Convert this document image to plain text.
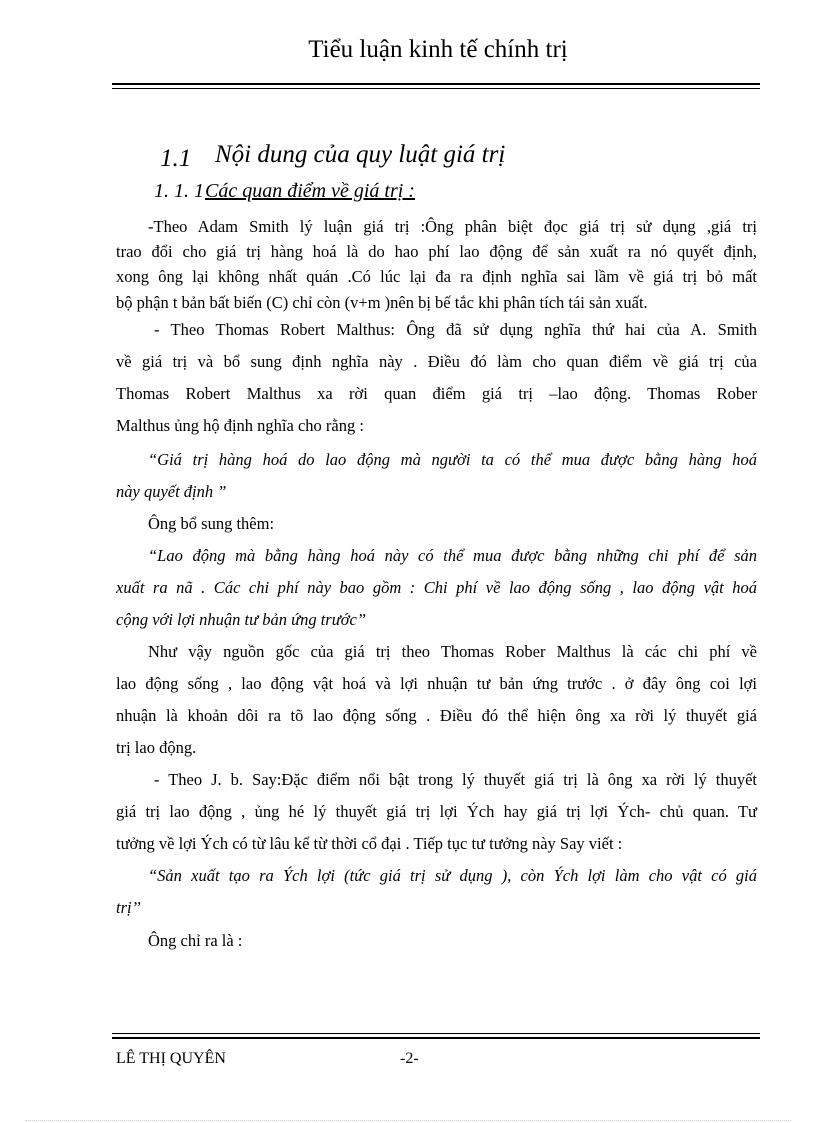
Tiểu luận kinh tế chính trị
1.1 Nội dung của quy luật giá trị
1. 1. 1 Các quan điểm về giá trị :
-Theo Adam Smith lý luận giá trị :Ông phân biệt đọc giá trị sử dụng ,giá trị
trao đổi cho giá trị hàng hoá là do hao phí lao động để sản xuất ra nó quyết định,
xong ông lại không nhất quán .Có lúc lại đa ra định nghĩa sai lầm về giá trị bỏ mất
bộ phận t bản bất biến (C) chỉ còn (v+m )nên bị bế tắc khi phân tích tái sản xuất.
- Theo Thomas Robert Malthus: Ông đã sử dụng nghĩa thứ hai của A. Smith
về giá trị và bổ sung định nghĩa này . Điều đó làm cho quan điểm về giá trị của
Thomas Robert Malthus xa rời quan điểm giá trị –lao động. Thomas Rober
Malthus ủng hộ định nghĩa cho rằng :
“Giá trị hàng hoá do lao động mà người ta có thể mua được bằng hàng hoá
này quyết định ”
Ông bổ sung thêm:
“Lao động mà bằng hàng hoá này có thể mua được bằng những chi phí để sản
xuất ra nã . Các chi phí này bao gồm : Chi phí về lao động sống , lao động vật hoá
cộng với lợi nhuận tư bản ứng trước”
Như vậy nguồn gốc của giá trị theo Thomas Rober Malthus là các chi phí về
lao động sống , lao động vật hoá và lợi nhuận tư bản ứng trước . ở đây ông coi lợi
nhuận là khoản dôi ra tõ lao động sống . Điều đó thể hiện ông xa rời lý thuyết giá
trị lao động.
- Theo J. b. Say:Đặc điểm nổi bật trong lý thuyết giá trị là ông xa rời lý thuyết
giá trị lao động , ủng hé lý thuyết giá trị lợi Ých hay giá trị lợi Ých- chủ quan. Tư
tưởng về lợi Ých có từ lâu kể từ thời cổ đại . Tiếp tục tư tưởng này Say viết :
“Sản xuất tạo ra Ých lợi (tức giá trị sử dụng ), còn Ých lợi làm cho vật có giá
trị’’
Ông chỉ ra là :
LÊ THỊ QUYÊN	-2-
